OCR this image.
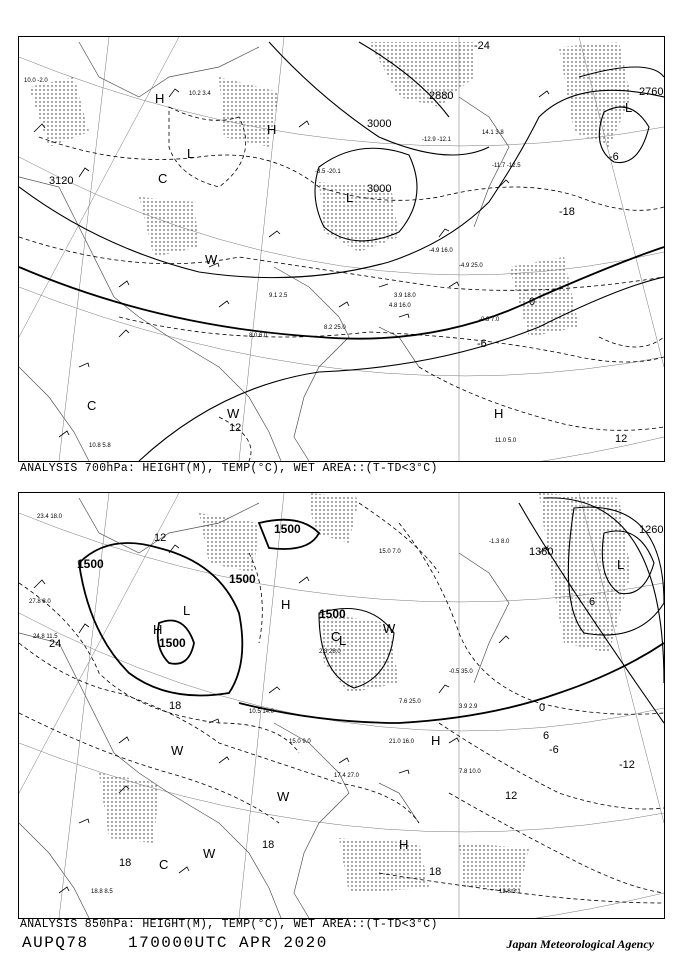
3120
3000
3000
2880	2760
-18
-24
0
-6
12
12
-6
L
L
L
H
H
H
C
C
W
W
10.2 3.4
-8.5 -20.1
-12.9 -12.1
14.1 3.8
-11.7 -12.5
-0.3 7.0
4.8 16.0
9.1 2.5
11.0 5.0
8.0 6.0
10.0 -2.0
10.8 5.8
-4.9 16.0
-4.9 25.0
3.9 18.0
8.2 25.0
ANALYSIS 700hPa: HEIGHT(M), TEMP(°C), WET AREA::(T-TD<3°C)
1500
1500
1500
1500
1500
1380
1260
12
18
24
6
0
-6
-12
12
18
18
18
6
L
L
L
H
H
H
H
W
W
W
W
C
C
23.4 18.0
27.8 8.0
24.8 11.5
7.8 10.0
17.4 27.0
15.0 9.0
18.8 8.5	12.8 3.1
2.3 28.0
-1.3 8.0
15.0 7.0
7.6 25.0
21.0 16.0
10.5 14.0
3.9 2.9
-0.5 35.0
ANALYSIS 850hPa: HEIGHT(M), TEMP(°C), WET AREA::(T-TD<3°C)
AUPQ78 170000UTC APR 2020	Japan Meteorological Agency
